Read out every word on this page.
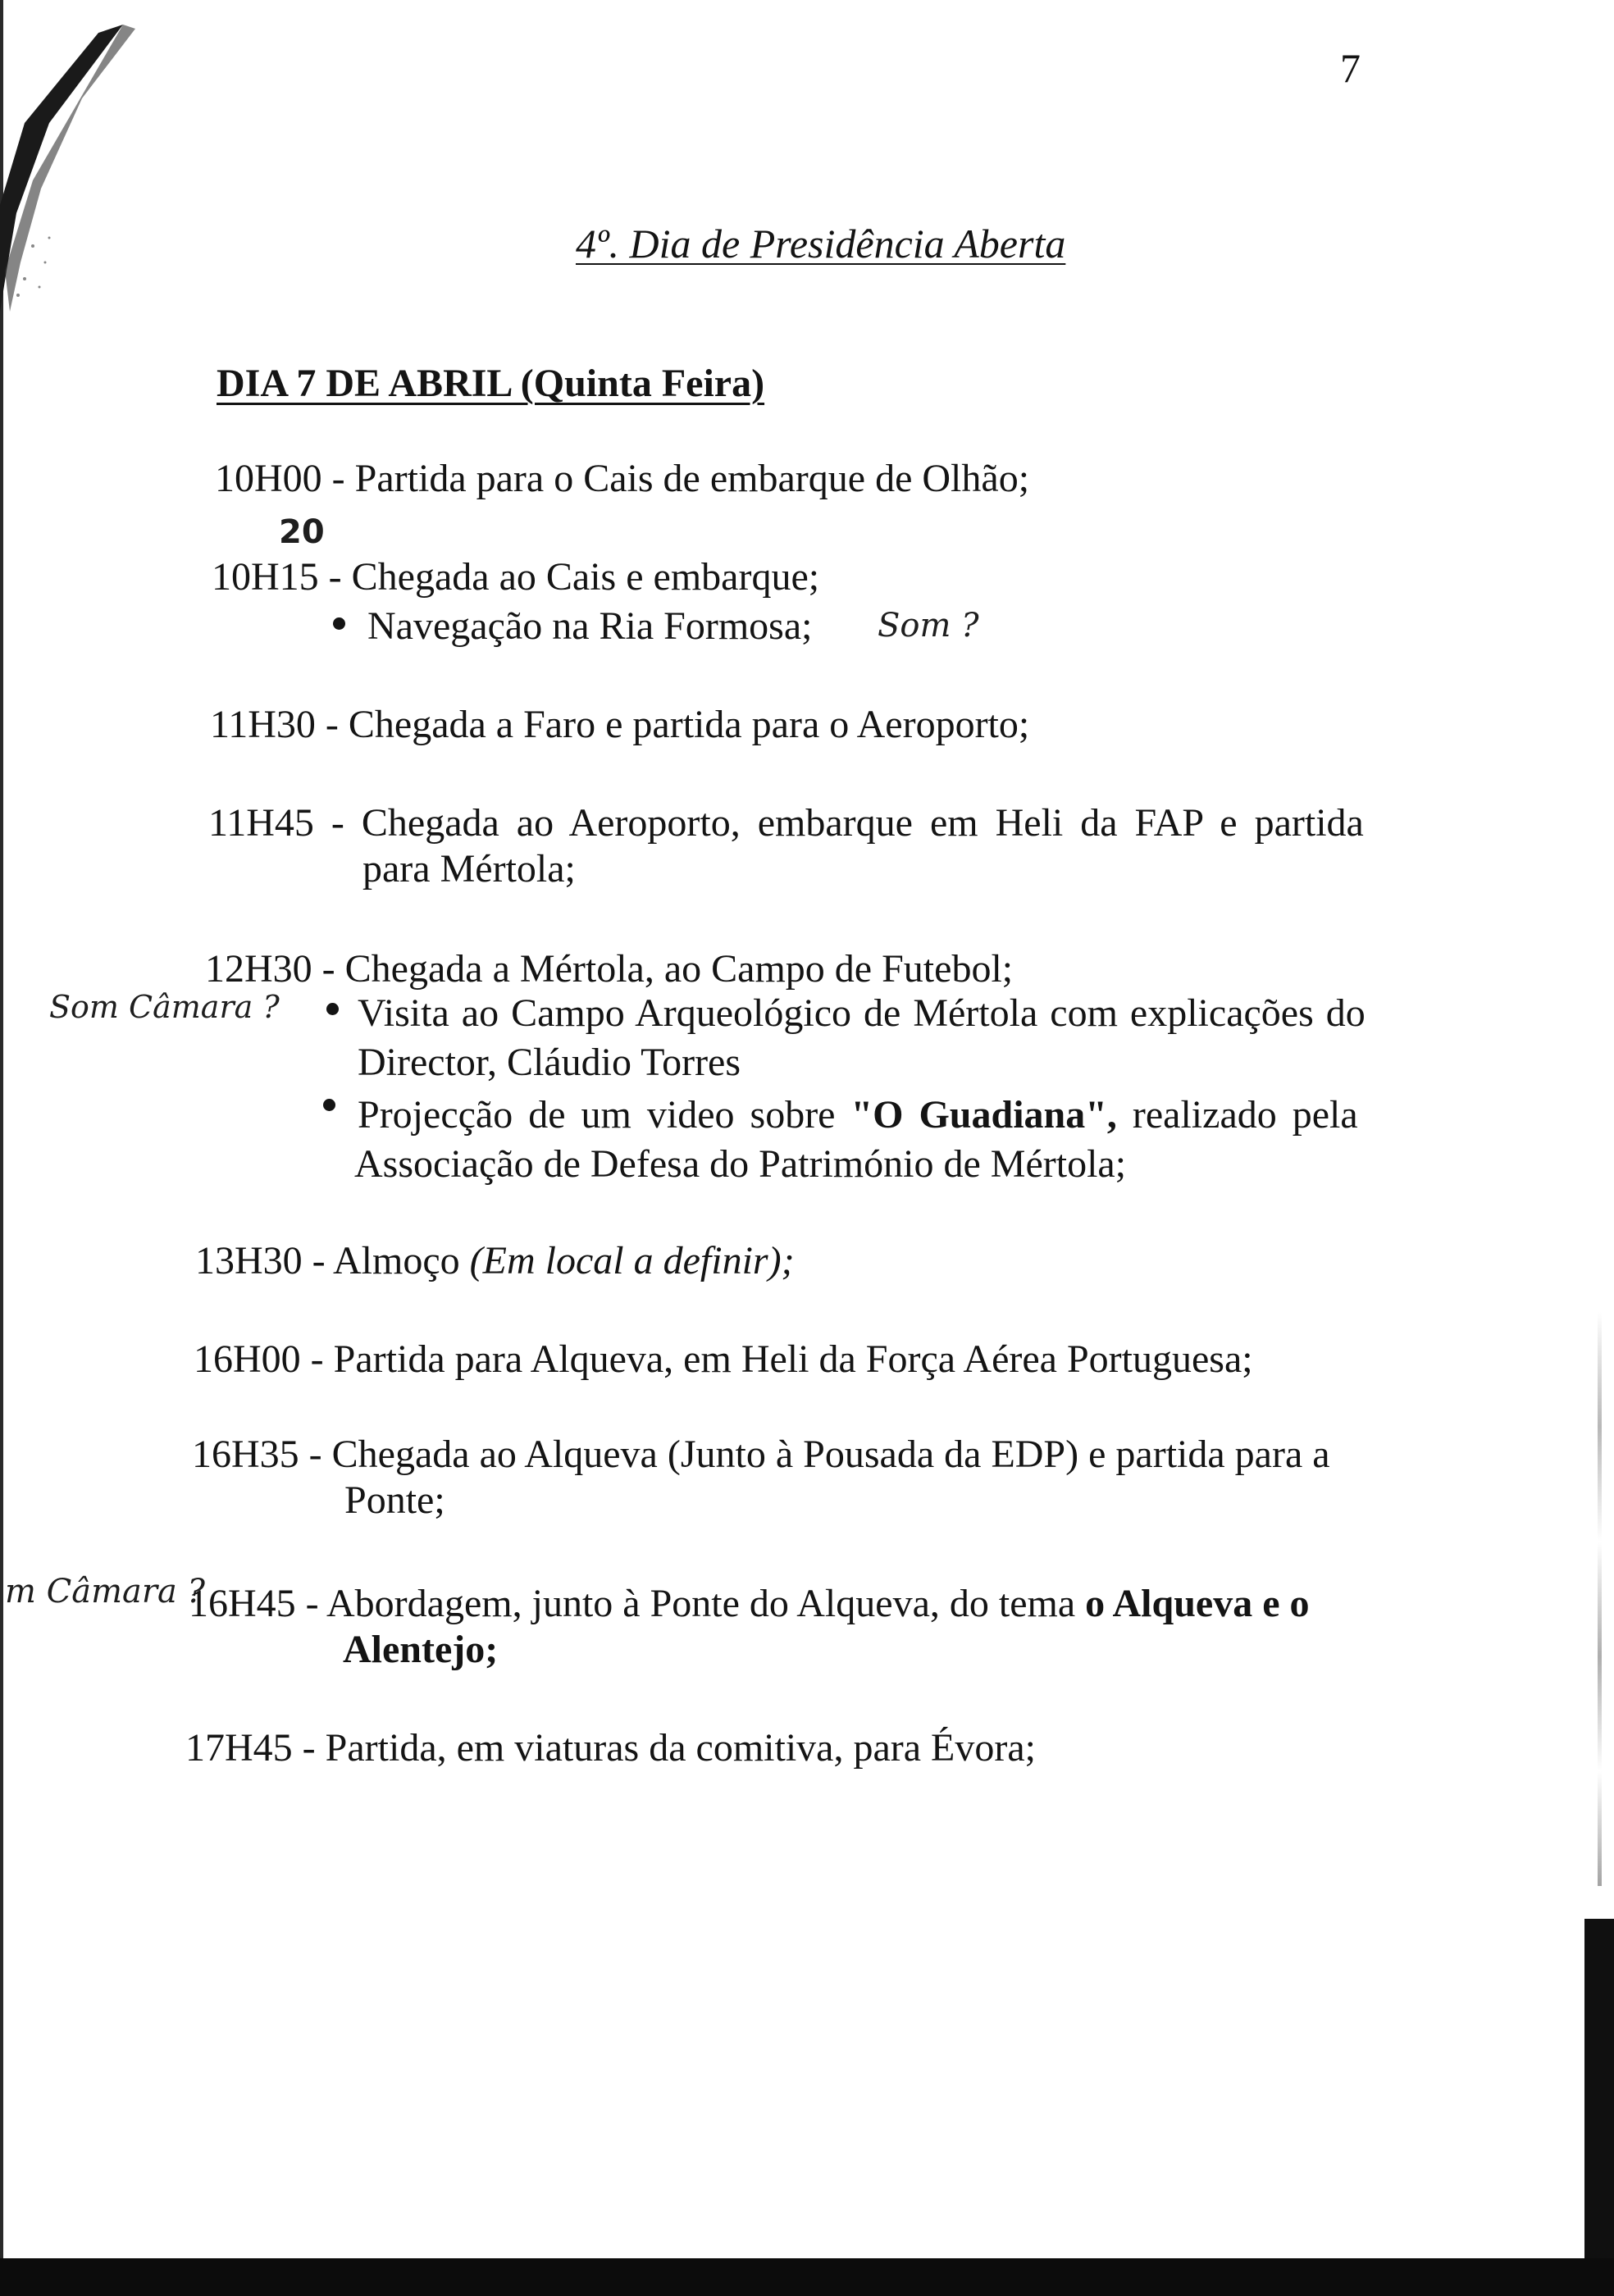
7
4º. Dia de Presidência Aberta
DIA 7 DE ABRIL (Quinta Feira)
10H00 - Partida para o Cais de embarque de Olhão;
20
10H15 - Chegada ao Cais e embarque;
Navegação na Ria Formosa; Som ?
11H30 - Chegada a Faro e partida para o Aeroporto;
11H45 - Chegada ao Aeroporto, embarque em Heli da FAP e partida
para Mértola;
12H30 - Chegada a Mértola, ao Campo de Futebol;
Som Câmara ? Visita ao Campo Arqueológico de Mértola com explicações do
Director, Cláudio Torres
Projecção de um video sobre "O Guadiana", realizado pela
Associação de Defesa do Património de Mértola;
13H30 - Almoço (Em local a definir);
16H00 - Partida para Alqueva, em Heli da Força Aérea Portuguesa;
16H35 - Chegada ao Alqueva (Junto à Pousada da EDP) e partida para a
Ponte;
m Câmara ?
16H45 - Abordagem, junto à Ponte do Alqueva, do tema o Alqueva e o
Alentejo;
17H45 - Partida, em viaturas da comitiva, para Évora;
